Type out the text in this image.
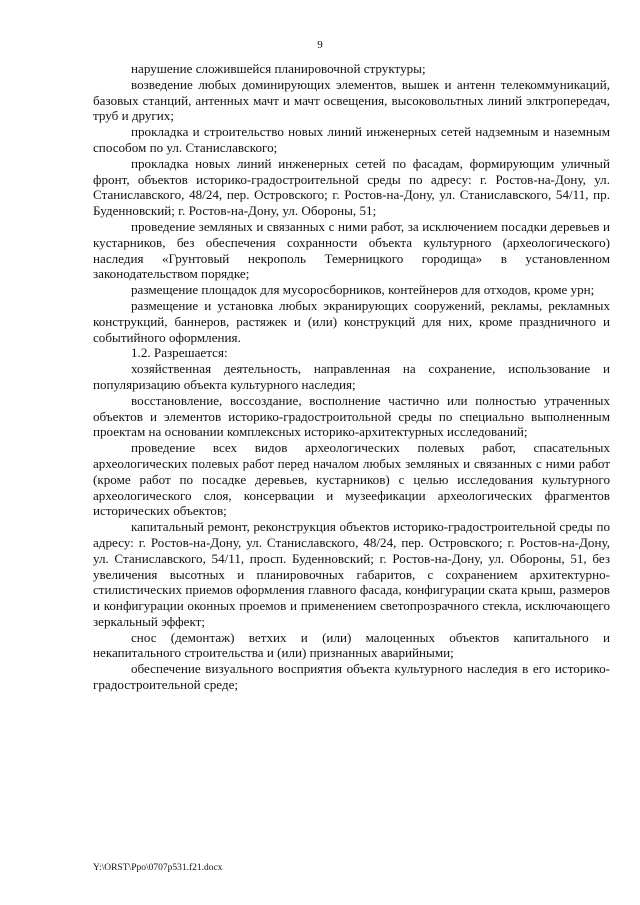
9

нарушение сложившейся планировочной структуры;

возведение любых доминирующих элементов, вышек и антенн телекоммуникаций, базовых станций, антенных мачт и мачт освещения, высоковольтных линий элктропередач, труб и других;

прокладка и строительство новых линий инженерных сетей надземным и наземным способом по ул. Станиславского;

прокладка новых линий инженерных сетей по фасадам, формирующим уличный фронт, объектов историко-градостроительной среды по адресу: г. Ростов-на-Дону, ул. Станиславского, 48/24, пер. Островского; г. Ростов-на-Дону, ул. Станиславского, 54/11, пр. Буденновский; г. Ростов-на-Дону, ул. Обороны, 51;

проведение земляных и связанных с ними работ, за исключением посадки деревьев и кустарников, без обеспечения сохранности объекта культурного (археологического) наследия «Грунтовый некрополь Темерницкого городища» в установленном законодательством порядке;

размещение площадок для мусоросборников, контейнеров для отходов, кроме урн;

размещение и установка любых экранирующих сооружений, рекламы, рекламных конструкций, баннеров, растяжек и (или) конструкций для них, кроме праздничного и событийного оформления.

1.2. Разрешается:

хозяйственная деятельность, направленная на сохранение, использование и популяризацию объекта культурного наследия;

восстановление, воссоздание, восполнение частично или полностью утраченных объектов и элементов историко-градостроитольной среды по специально выполненным проектам на основании комплексных историко-архитектурных исследований;

проведение всех видов археологических полевых работ, спасательных археологических полевых работ перед началом любых земляных и связанных с ними работ (кроме работ по посадке деревьев, кустарников) с целью исследования культурного археологического слоя, консервации и музеефикации археологических фрагментов исторических объектов;

капитальный ремонт, реконструкция объектов историко-градостроительной среды по адресу: г. Ростов-на-Дону, ул. Станиславского, 48/24, пер. Островского; г. Ростов-на-Дону, ул. Станиславского, 54/11, просп. Буденновский; г. Ростов-на-Дону, ул. Обороны, 51, без увеличения высотных и планировочных габаритов, с сохранением архитектурно-стилистических приемов оформления главного фасада, конфигурации ската крыш, размеров и конфигурации оконных проемов и применением светопрозрачного стекла, исключающего зеркальный эффект;

снос (демонтаж) ветхих и (или) малоценных объектов капитального и некапитального строительства и (или) признанных аварийными;

обеспечение визуального восприятия объекта культурного наследия в его историко-градостроительной среде;

Y:\ORST\Ppo\0707p531.f21.docx
